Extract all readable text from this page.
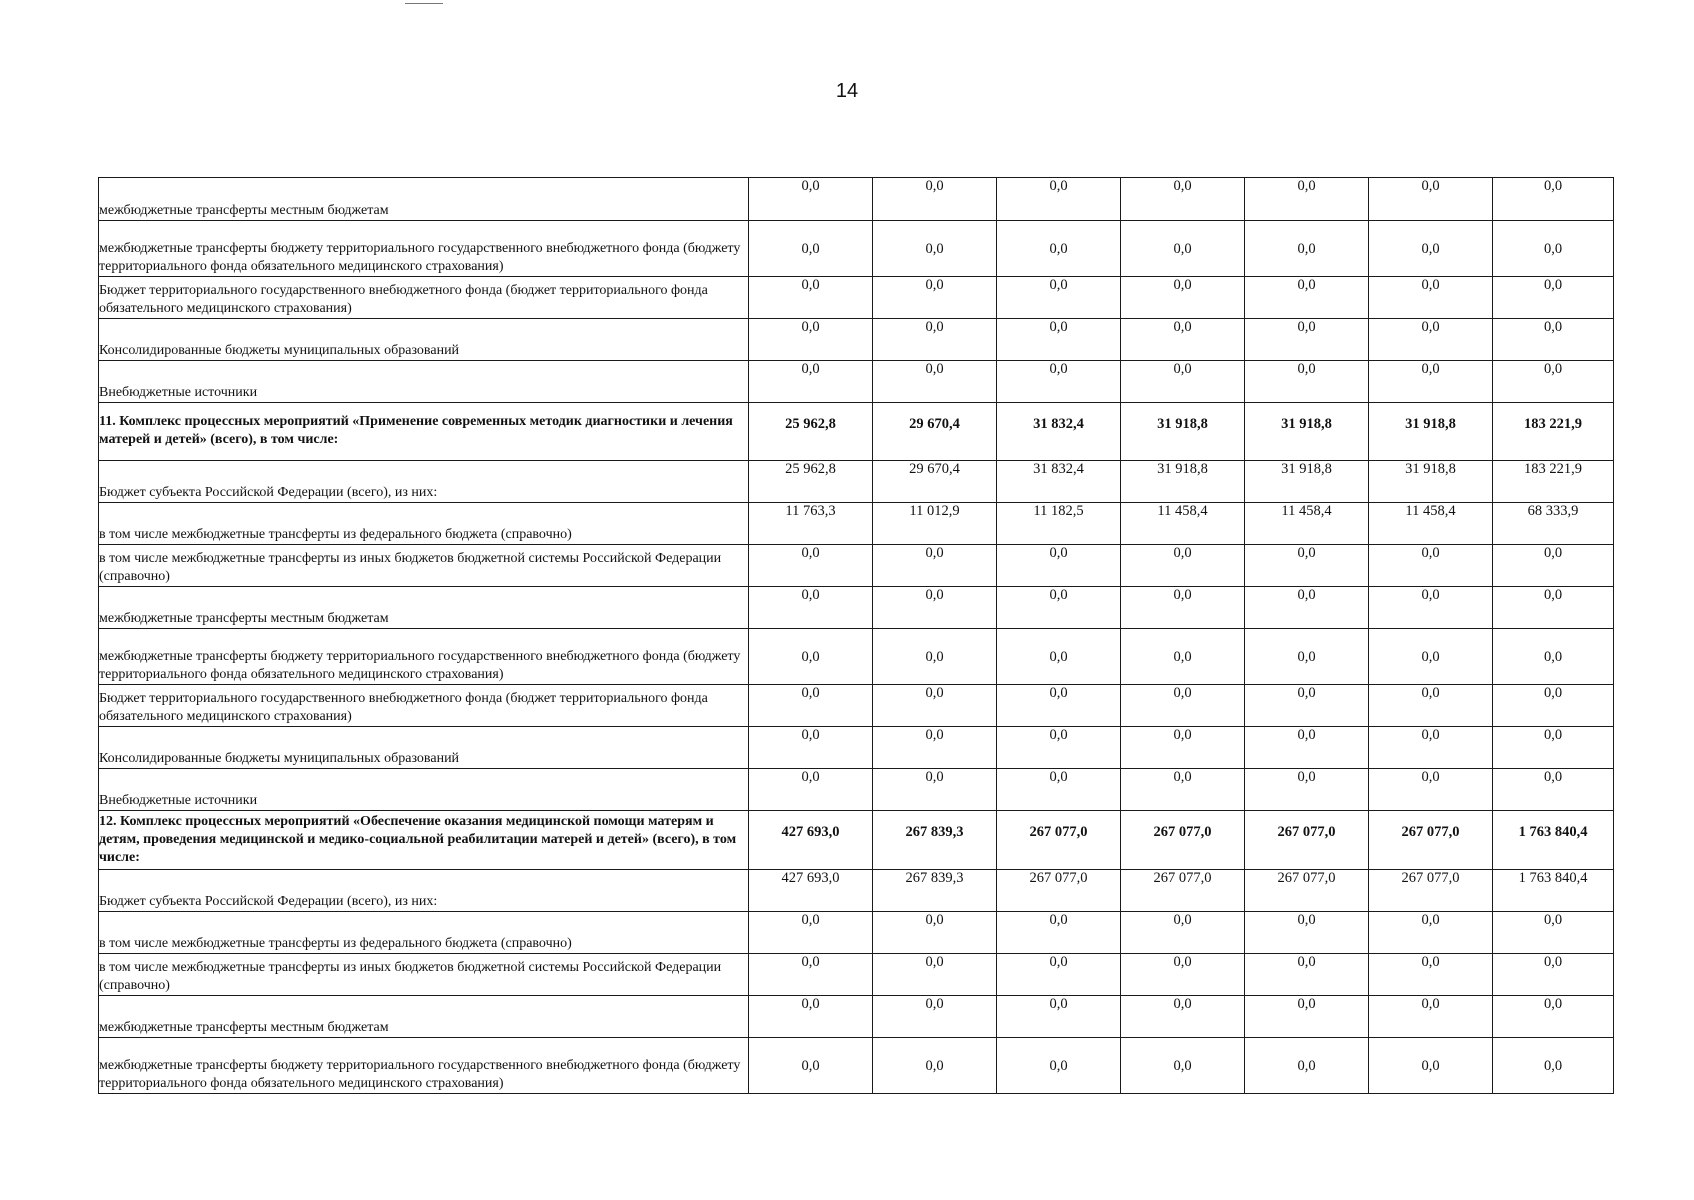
14
межбюджетные трансферты местным бюджетам	0,0	0,0	0,0	0,0	0,0	0,0	0,0
межбюджетные трансферты бюджету территориального государственного внебюджетного фонда (бюджету территориального фонда обязательного медицинского страхования)	0,0	0,0	0,0	0,0	0,0	0,0	0,0
Бюджет территориального государственного внебюджетного фонда (бюджет территориального фонда обязательного медицинского страхования)	0,0	0,0	0,0	0,0	0,0	0,0	0,0
Консолидированные бюджеты муниципальных образований	0,0	0,0	0,0	0,0	0,0	0,0	0,0
Внебюджетные источники	0,0	0,0	0,0	0,0	0,0	0,0	0,0
11. Комплекс процессных мероприятий «Применение современных методик диагностики и лечения матерей и детей» (всего), в том числе:	25 962,8	29 670,4	31 832,4	31 918,8	31 918,8	31 918,8	183 221,9
Бюджет субъекта Российской Федерации (всего), из них:	25 962,8	29 670,4	31 832,4	31 918,8	31 918,8	31 918,8	183 221,9
в том числе межбюджетные трансферты из федерального бюджета (справочно)	11 763,3	11 012,9	11 182,5	11 458,4	11 458,4	11 458,4	68 333,9
в том числе межбюджетные трансферты из иных бюджетов бюджетной системы Российской Федерации (справочно)	0,0	0,0	0,0	0,0	0,0	0,0	0,0
межбюджетные трансферты местным бюджетам	0,0	0,0	0,0	0,0	0,0	0,0	0,0
межбюджетные трансферты бюджету территориального государственного внебюджетного фонда (бюджету территориального фонда обязательного медицинского страхования)	0,0	0,0	0,0	0,0	0,0	0,0	0,0
Бюджет территориального государственного внебюджетного фонда (бюджет территориального фонда обязательного медицинского страхования)	0,0	0,0	0,0	0,0	0,0	0,0	0,0
Консолидированные бюджеты муниципальных образований	0,0	0,0	0,0	0,0	0,0	0,0	0,0
Внебюджетные источники	0,0	0,0	0,0	0,0	0,0	0,0	0,0
12. Комплекс процессных мероприятий «Обеспечение оказания медицинской помощи матерям и детям, проведения медицинской и медико-социальной реабилитации матерей и детей» (всего), в том числе:	427 693,0	267 839,3	267 077,0	267 077,0	267 077,0	267 077,0	1 763 840,4
Бюджет субъекта Российской Федерации (всего), из них:	427 693,0	267 839,3	267 077,0	267 077,0	267 077,0	267 077,0	1 763 840,4
в том числе межбюджетные трансферты из федерального бюджета (справочно)	0,0	0,0	0,0	0,0	0,0	0,0	0,0
в том числе межбюджетные трансферты из иных бюджетов бюджетной системы Российской Федерации (справочно)	0,0	0,0	0,0	0,0	0,0	0,0	0,0
межбюджетные трансферты местным бюджетам	0,0	0,0	0,0	0,0	0,0	0,0	0,0
межбюджетные трансферты бюджету территориального государственного внебюджетного фонда (бюджету территориального фонда обязательного медицинского страхования)	0,0	0,0	0,0	0,0	0,0	0,0	0,0
